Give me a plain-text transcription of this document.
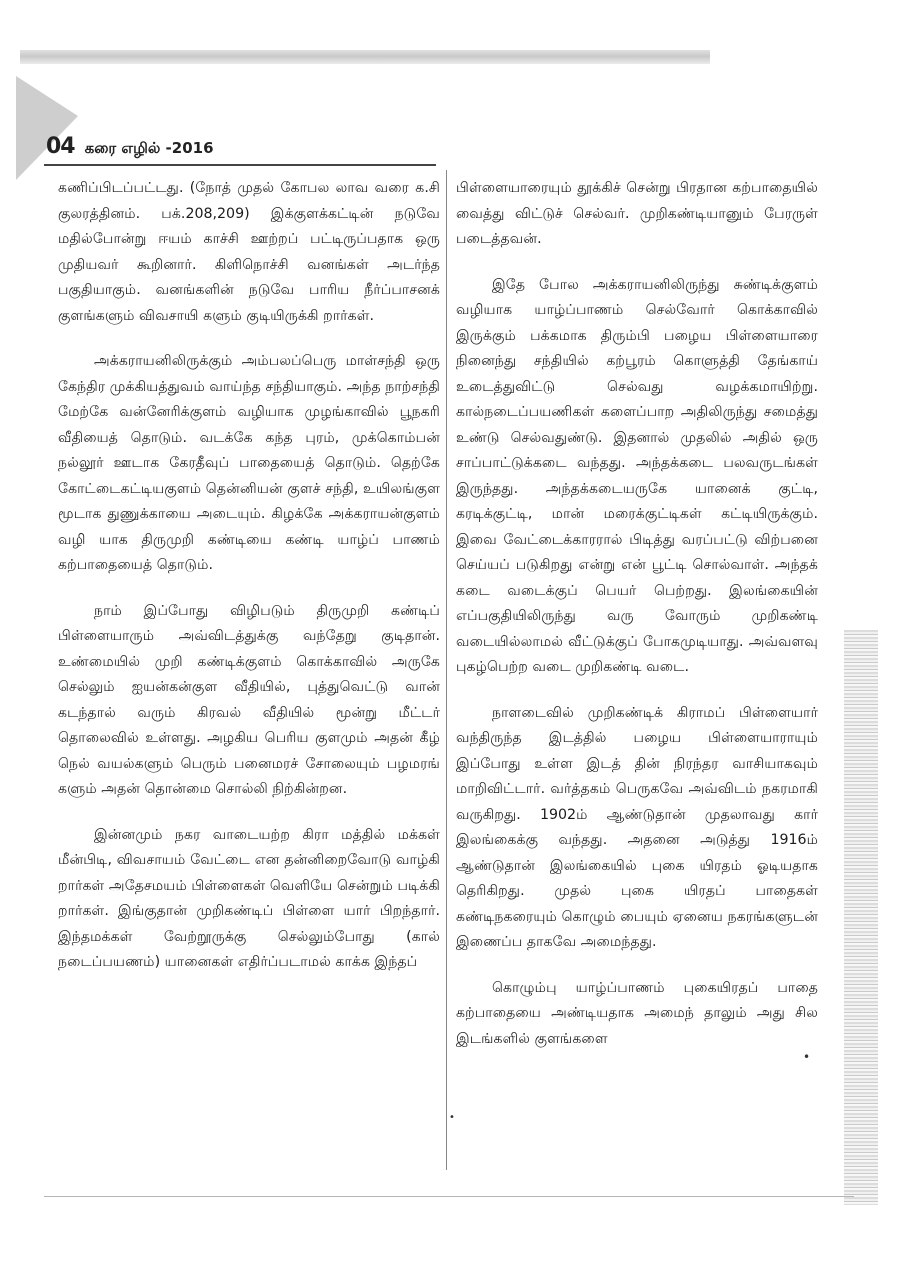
04 கரை எழில் -2016

கணிப்பிடப்பட்டது. (நோத் முதல் கோபல லாவ வரை க.சி குலரத்தினம். பக்.208,209) இக்குளக்கட்டின் நடுவே மதில்போன்று ஈயம் காச்சி ஊற்றப் பட்டிருப்பதாக ஒரு முதியவர் கூறினார். கிளிநொச்சி வனங்கள் அடர்ந்த பகுதியாகும். வனங்களின் நடுவே பாரிய நீர்ப்பாசனக் குளங்களும் விவசாயி களும் குடியிருக்கி றார்கள்.

அக்கராயனிலிருக்கும் அம்பலப்பெரு மாள்சந்தி ஒரு கேந்திர முக்கியத்துவம் வாய்ந்த சந்தியாகும். அந்த நாற்சந்தி மேற்கே வன்னேரிக்குளம் வழியாக முழங்காவில் பூநகரி வீதியைத் தொடும். வடக்கே கந்த புரம், முக்கொம்பன் நல்லூர் ஊடாக கேரதீவுப் பாதையைத் தொடும். தெற்கே கோட்டைகட்டியகுளம் தென்னியன் குளச் சந்தி, உயிலங்குள மூடாக துணுக்காயை அடையும். கிழக்கே அக்கராயன்குளம் வழி யாக திருமுறி கண்டியை கண்டி யாழ்ப் பாணம் கற்பாதையைத் தொடும்.

நாம் இப்போது விழிபடும் திருமுறி கண்டிப் பிள்ளையாரும் அவ்விடத்துக்கு வந்தேறு குடிதான். உண்மையில் முறி கண்டிக்குளம் கொக்காவில் அருகே செல்லும் ஐயன்கன்குள வீதியில், புத்துவெட்டு வான் கடந்தால் வரும் கிரவல் வீதியில் மூன்று மீட்டர் தொலைவில் உள்ளது. அழகிய பெரிய குளமும் அதன் கீழ் நெல் வயல்களும் பெரும் பனைமரச் சோலையும் பழமரங் களும் அதன் தொன்மை சொல்லி நிற்கின்றன.

இன்னமும் நகர வாடையற்ற கிரா மத்தில் மக்கள் மீன்பிடி, விவசாயம் வேட்டை என தன்னிறைவோடு வாழ்கி றார்கள் அதேசமயம் பிள்ளைகள் வெளியே சென்றும் படிக்கி றார்கள். இங்குதான் முறிகண்டிப் பிள்ளை யார் பிறந்தார். இந்தமக்கள் வேற்றூருக்கு செல்லும்போது (கால் நடைப்பயணம்) யானைகள் எதிர்ப்படாமல் காக்க இந்தப்

பிள்ளையாரையும் தூக்கிச் சென்று பிரதான கற்பாதையில் வைத்து விட்டுச் செல்வர். முறிகண்டியானும் பேரருள் படைத்தவன்.

இதே போல அக்கராயனிலிருந்து சுண்டிக்குளம் வழியாக யாழ்ப்பாணம் செல்வோர் கொக்காவில் இருக்கும் பக்கமாக திரும்பி பழைய பிள்ளையாரை நினைந்து சந்தியில் கற்பூரம் கொளுத்தி தேங்காய் உடைத்துவிட்டு செல்வது வழக்கமாயிற்று. கால்நடைப்பயணிகள் களைப்பாற அதிலிருந்து சமைத்து உண்டு செல்வதுண்டு. இதனால் முதலில் அதில் ஒரு சாப்பாட்டுக்கடை வந்தது. அந்தக்கடை பலவருடங்கள் இருந்தது. அந்தக்கடையருகே யானைக் குட்டி, கரடிக்குட்டி, மான் மரைக்குட்டிகள் கட்டியிருக்கும். இவை வேட்டைக்காரரால் பிடித்து வரப்பட்டு விற்பனை செய்யப் படுகிறது என்று என் பூட்டி சொல்வாள். அந்தக் கடை வடைக்குப் பெயர் பெற்றது. இலங்கையின் எப்பகுதியிலிருந்து வரு வோரும் முறிகண்டி வடையில்லாமல் வீட்டுக்குப் போகமுடியாது. அவ்வளவு புகழ்பெற்ற வடை முறிகண்டி வடை.

நாளடைவில் முறிகண்டிக் கிராமப் பிள்ளையார் வந்திருந்த இடத்தில் பழைய பிள்ளையாராயும் இப்போது உள்ள இடத் தின் நிரந்தர வாசியாகவும் மாறிவிட்டார். வர்த்தகம் பெருகவே அவ்விடம் நகரமாகி வருகிறது. 1902ம் ஆண்டுதான் முதலாவது கார் இலங்கைக்கு வந்தது. அதனை அடுத்து 1916ம் ஆண்டுதான் இலங்கையில் புகை யிரதம் ஓடியதாக தெரிகிறது. முதல் புகை யிரதப் பாதைகள் கண்டிநகரையும் கொழும் பையும் ஏனைய நகரங்களுடன் இணைப்ப தாகவே அமைந்தது.

கொழும்பு யாழ்ப்பாணம் புகையிரதப் பாதை கற்பாதையை அண்டியதாக அமைந் தாலும் அது சில இடங்களில் குளங்களை

•
•
